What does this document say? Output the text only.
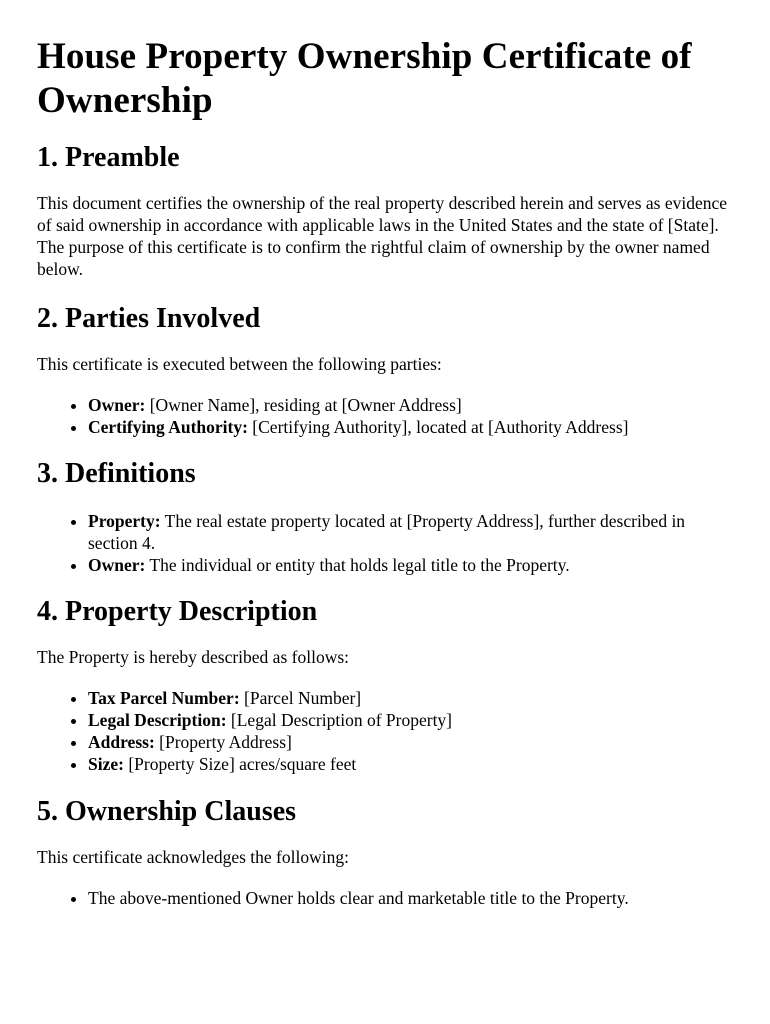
House Property Ownership Certificate of Ownership
1. Preamble

This document certifies the ownership of the real property described herein and serves as evidence of said ownership in accordance with applicable laws in the United States and the state of [State]. The purpose of this certificate is to confirm the rightful claim of ownership by the owner named below.

2. Parties Involved

This certificate is executed between the following parties:

• Owner: [Owner Name], residing at [Owner Address]
• Certifying Authority: [Certifying Authority], located at [Authority Address]
3. Definitions
• Property: The real estate property located at [Property Address], further described in section 4.
• Owner: The individual or entity that holds legal title to the Property.
4. Property Description

The Property is hereby described as follows:

• Tax Parcel Number: [Parcel Number]
• Legal Description: [Legal Description of Property]
• Address: [Property Address]
• Size: [Property Size] acres/square feet
5. Ownership Clauses

This certificate acknowledges the following:

• The above-mentioned Owner holds clear and marketable title to the Property.
